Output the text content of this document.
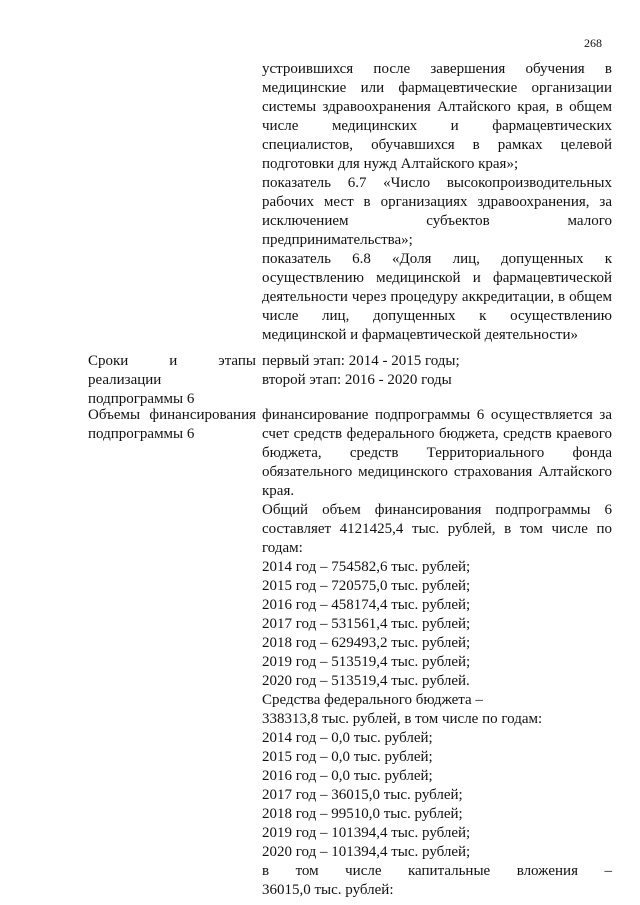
268

устроившихся после завершения обучения в медицинские или фармацевтические организации системы здравоохранения Алтайского края, в общем числе медицинских и фармацевтических специалистов, обучавшихся в рамках целевой подготовки для нужд Алтайского края»;

показатель 6.7 «Число высокопроизводительных рабочих мест в организациях здравоохранения, за исключением субъектов малого предпринимательства»;

показатель 6.8 «Доля лиц, допущенных к осуществлению медицинской и фармацевтической деятельности через процедуру аккредитации, в общем числе лиц, допущенных к осуществлению медицинской и фармацевтической деятельности»

Сроки и этапы реализации подпрограммы 6

первый этап: 2014 - 2015 годы;

второй этап: 2016 - 2020 годы

Объемы финансирования подпрограммы 6

финансирование подпрограммы 6 осуществляется за счет средств федерального бюджета, средств краевого бюджета, средств Территориального фонда обязательного медицинского страхования Алтайского края.

Общий объем финансирования подпрограммы 6 составляет 4121425,4 тыс. рублей, в том числе по годам:

2014 год – 754582,6 тыс. рублей;

2015 год – 720575,0 тыс. рублей;

2016 год – 458174,4 тыс. рублей;

2017 год – 531561,4 тыс. рублей;

2018 год – 629493,2 тыс. рублей;

2019 год – 513519,4 тыс. рублей;

2020 год – 513519,4 тыс. рублей.

Средства федерального бюджета –

338313,8 тыс. рублей, в том числе по годам:

2014 год – 0,0 тыс. рублей;

2015 год – 0,0 тыс. рублей;

2016 год – 0,0 тыс. рублей;

2017 год – 36015,0 тыс. рублей;

2018 год – 99510,0 тыс. рублей;

2019 год – 101394,4 тыс. рублей;

2020 год – 101394,4 тыс. рублей;

в том числе капитальные вложения –

36015,0 тыс. рублей:
